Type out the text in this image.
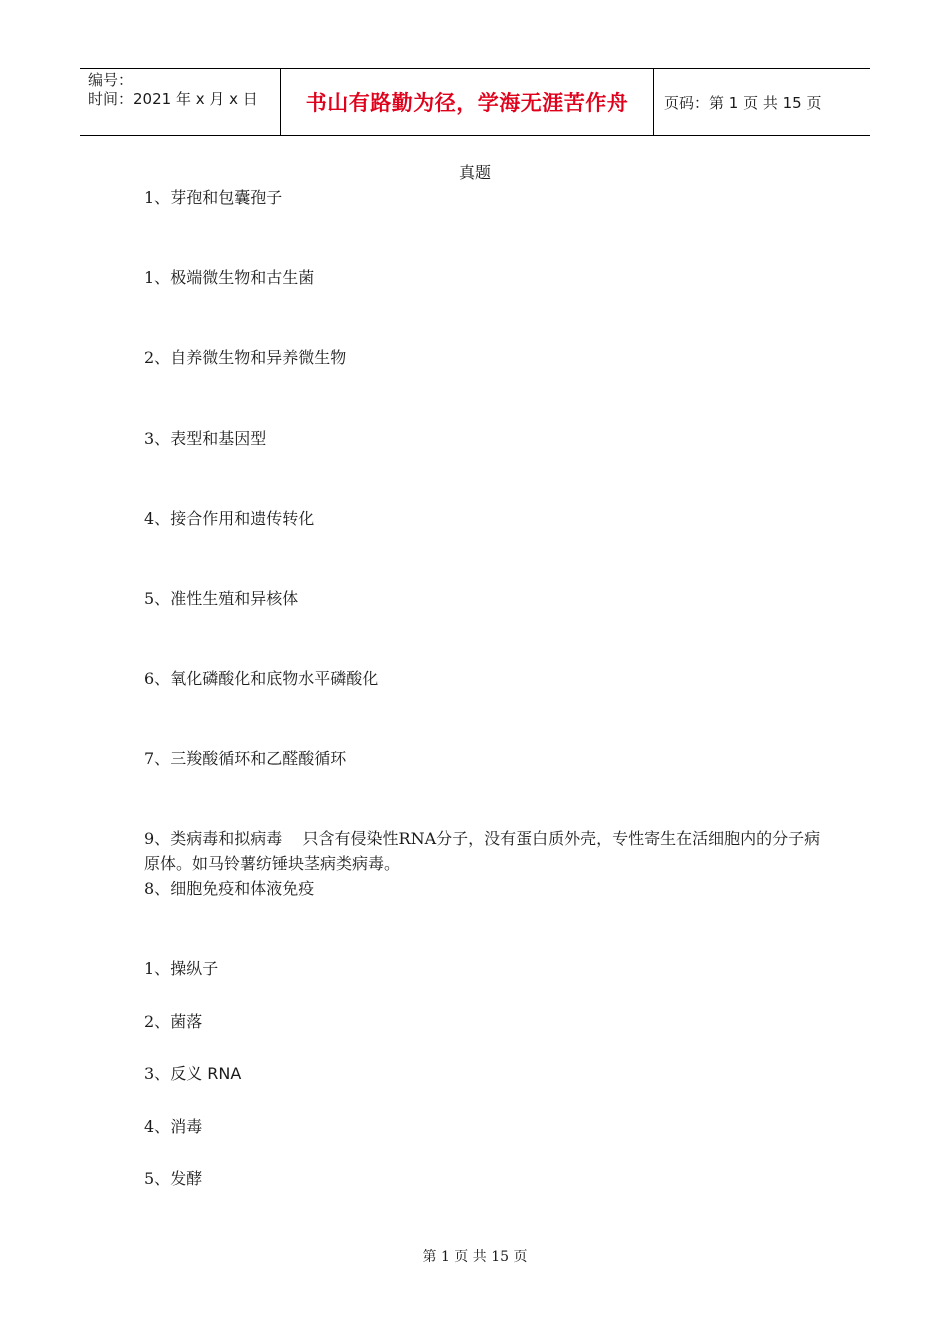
编号：
时间：2021 年 x 月 x 日	书山有路勤为径，学海无涯苦作舟 页码：第 1 页 共 15 页
真题
1、芽孢和包囊孢子
1、极端微生物和古生菌
2、自养微生物和异养微生物
3、表型和基因型
4、接合作用和遗传转化
5、准性生殖和异核体
6、氧化磷酸化和底物水平磷酸化
7、三羧酸循环和乙醛酸循环
9、类病毒和拟病毒 只含有侵染性RNA分子，没有蛋白质外壳，专性寄生在活细胞内的分子病原体。如马铃薯纺锤块茎病类病毒。
8、细胞免疫和体液免疫
1、操纵子
2、菌落
3、反义 RNA
4、消毒
5、发酵
第 1 页 共 15 页
